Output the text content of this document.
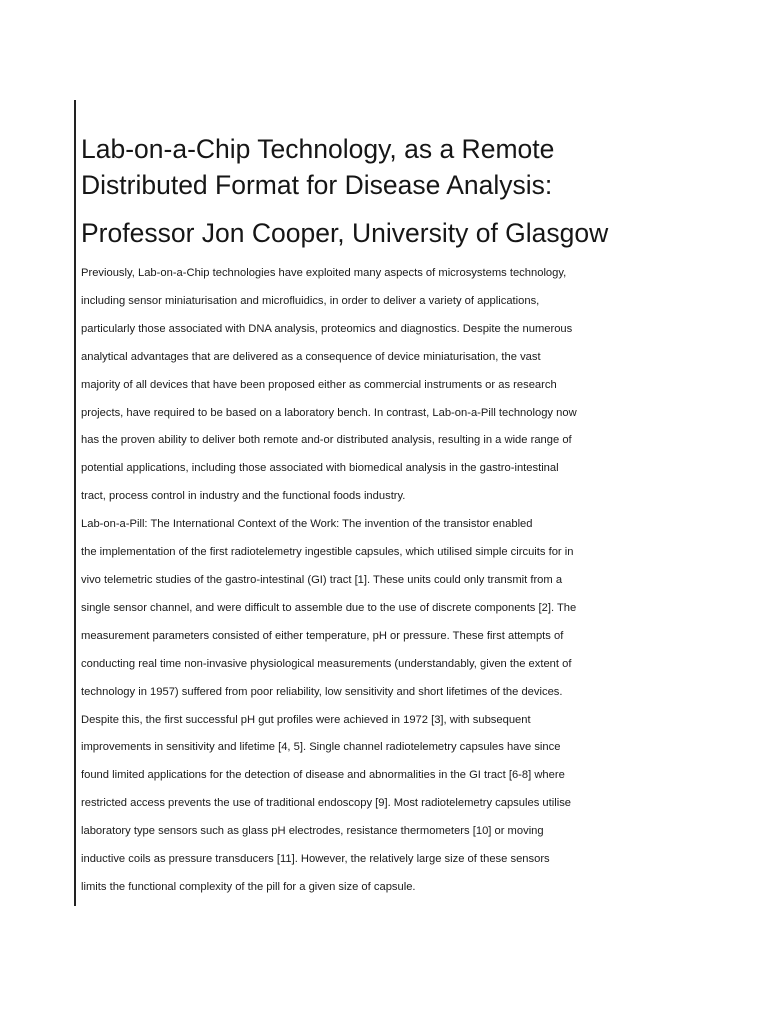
Lab-on-a-Chip Technology, as a Remote
Distributed Format for Disease Analysis:
Professor Jon Cooper, University of Glasgow
Previously, Lab-on-a-Chip technologies have exploited many aspects of microsystems technology,
including sensor miniaturisation and microfluidics, in order to deliver a variety of applications,
particularly those associated with DNA analysis, proteomics and diagnostics. Despite the numerous
analytical advantages that are delivered as a consequence of device miniaturisation, the vast
majority of all devices that have been proposed either as commercial instruments or as research
projects, have required to be based on a laboratory bench. In contrast, Lab-on-a-Pill technology now
has the proven ability to deliver both remote and-or distributed analysis, resulting in a wide range of
potential applications, including those associated with biomedical analysis in the gastro-intestinal
tract, process control in industry and the functional foods industry.
Lab-on-a-Pill: The International Context of the Work: The invention of the transistor enabled
the implementation of the first radiotelemetry ingestible capsules, which utilised simple circuits for in
vivo telemetric studies of the gastro-intestinal (GI) tract [1]. These units could only transmit from a
single sensor channel, and were difficult to assemble due to the use of discrete components [2]. The
measurement parameters consisted of either temperature, pH or pressure. These first attempts of
conducting real time non-invasive physiological measurements (understandably, given the extent of
technology in 1957) suffered from poor reliability, low sensitivity and short lifetimes of the devices.
Despite this, the first successful pH gut profiles were achieved in 1972 [3], with subsequent
improvements in sensitivity and lifetime [4, 5]. Single channel radiotelemetry capsules have since
found limited applications for the detection of disease and abnormalities in the GI tract [6-8] where
restricted access prevents the use of traditional endoscopy [9]. Most radiotelemetry capsules utilise
laboratory type sensors such as glass pH electrodes, resistance thermometers [10] or moving
inductive coils as pressure transducers [11]. However, the relatively large size of these sensors
limits the functional complexity of the pill for a given size of capsule.
